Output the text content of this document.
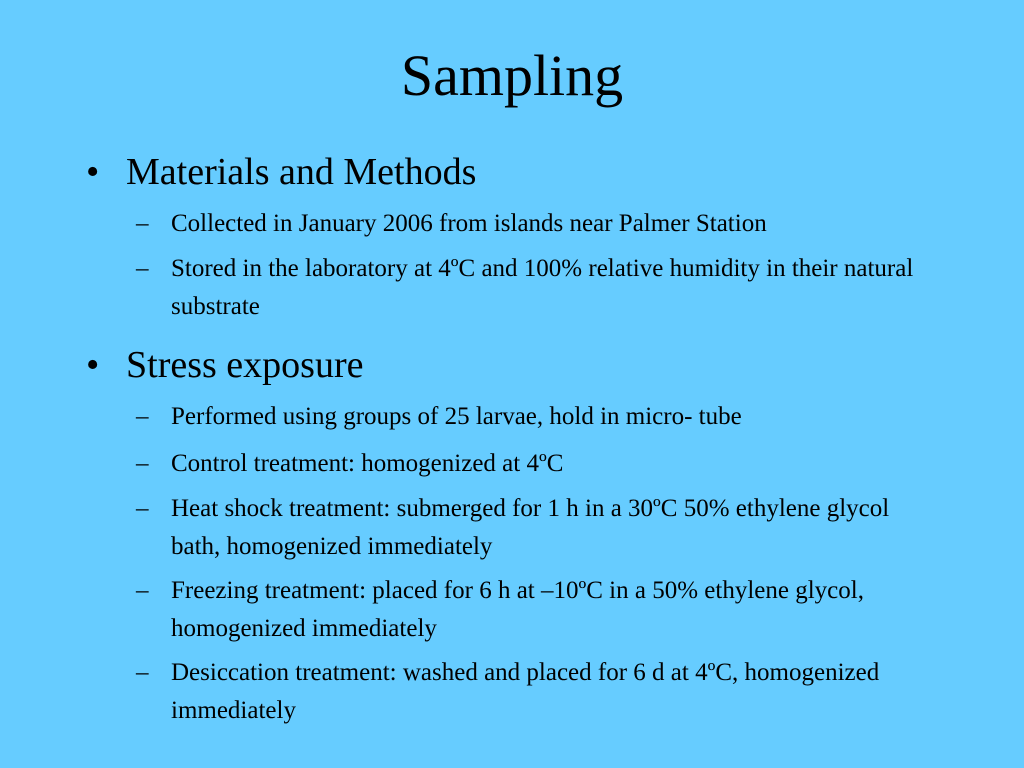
Sampling
• Materials and Methods
– Collected in January 2006 from islands near Palmer Station
– Stored in the laboratory at 4ºC and 100% relative humidity in their natural substrate
• Stress exposure
– Performed using groups of 25 larvae, hold in micro- tube
– Control treatment: homogenized at 4ºC
– Heat shock treatment: submerged for 1 h in a 30ºC 50% ethylene glycol bath, homogenized immediately
– Freezing treatment: placed for 6 h at –10ºC in a 50% ethylene glycol, homogenized immediately
– Desiccation treatment: washed and placed for 6 d at 4ºC, homogenized immediately
